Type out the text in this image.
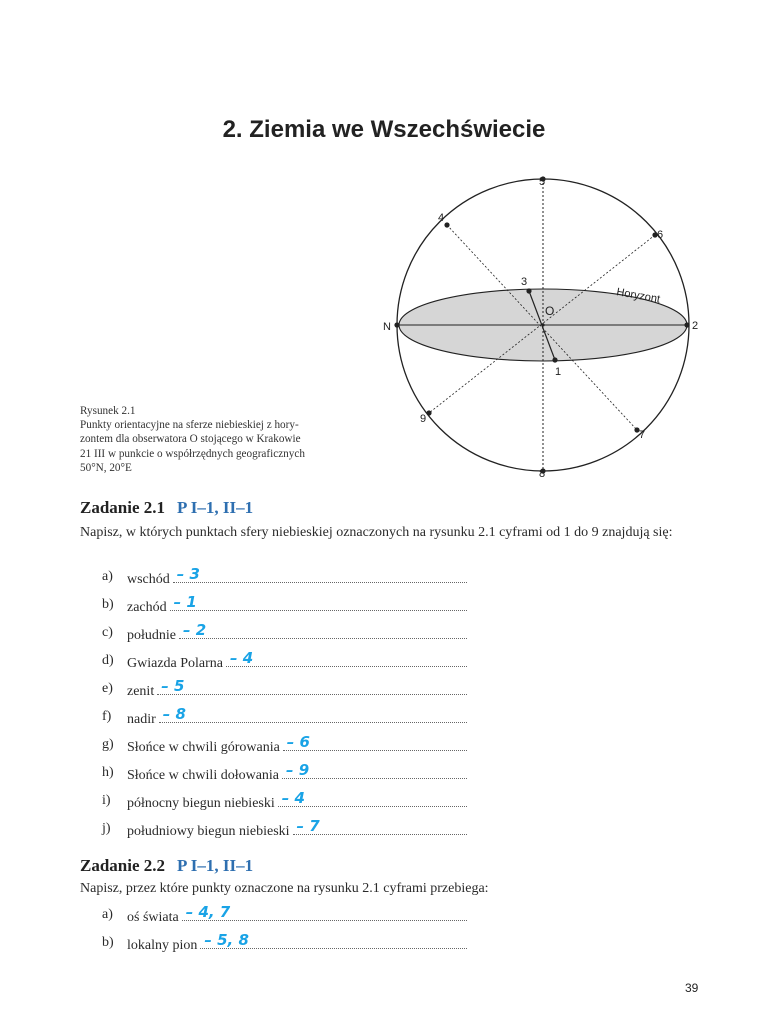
2. Ziemia we Wszechświecie
5
4
6
3
O
Horyzont
N	2
1
9
7
8
Rysunek 2.1
Punkty orientacyjne na sferze niebieskiej z hory-
zontem dla obserwatora O stojącego w Krakowie
21 III w punkcie o współrzędnych geograficznych
50°N, 20°E
Zadanie 2.1 P I–1, II–1
Napisz, w których punktach sfery niebieskiej oznaczonych na rysunku 2.1 cyframi od 1 do 9 znajdują się:
a) wschód – 3
b) zachód – 1
c) południe – 2
d) Gwiazda Polarna – 4
e) zenit – 5
f) nadir – 8
g) Słońce w chwili górowania – 6
h) Słońce w chwili dołowania – 9
i) północny biegun niebieski – 4
j) południowy biegun niebieski – 7
Zadanie 2.2 P I–1, II–1
Napisz, przez które punkty oznaczone na rysunku 2.1 cyframi przebiega:
a) oś świata – 4, 7
b) lokalny pion – 5, 8
39
